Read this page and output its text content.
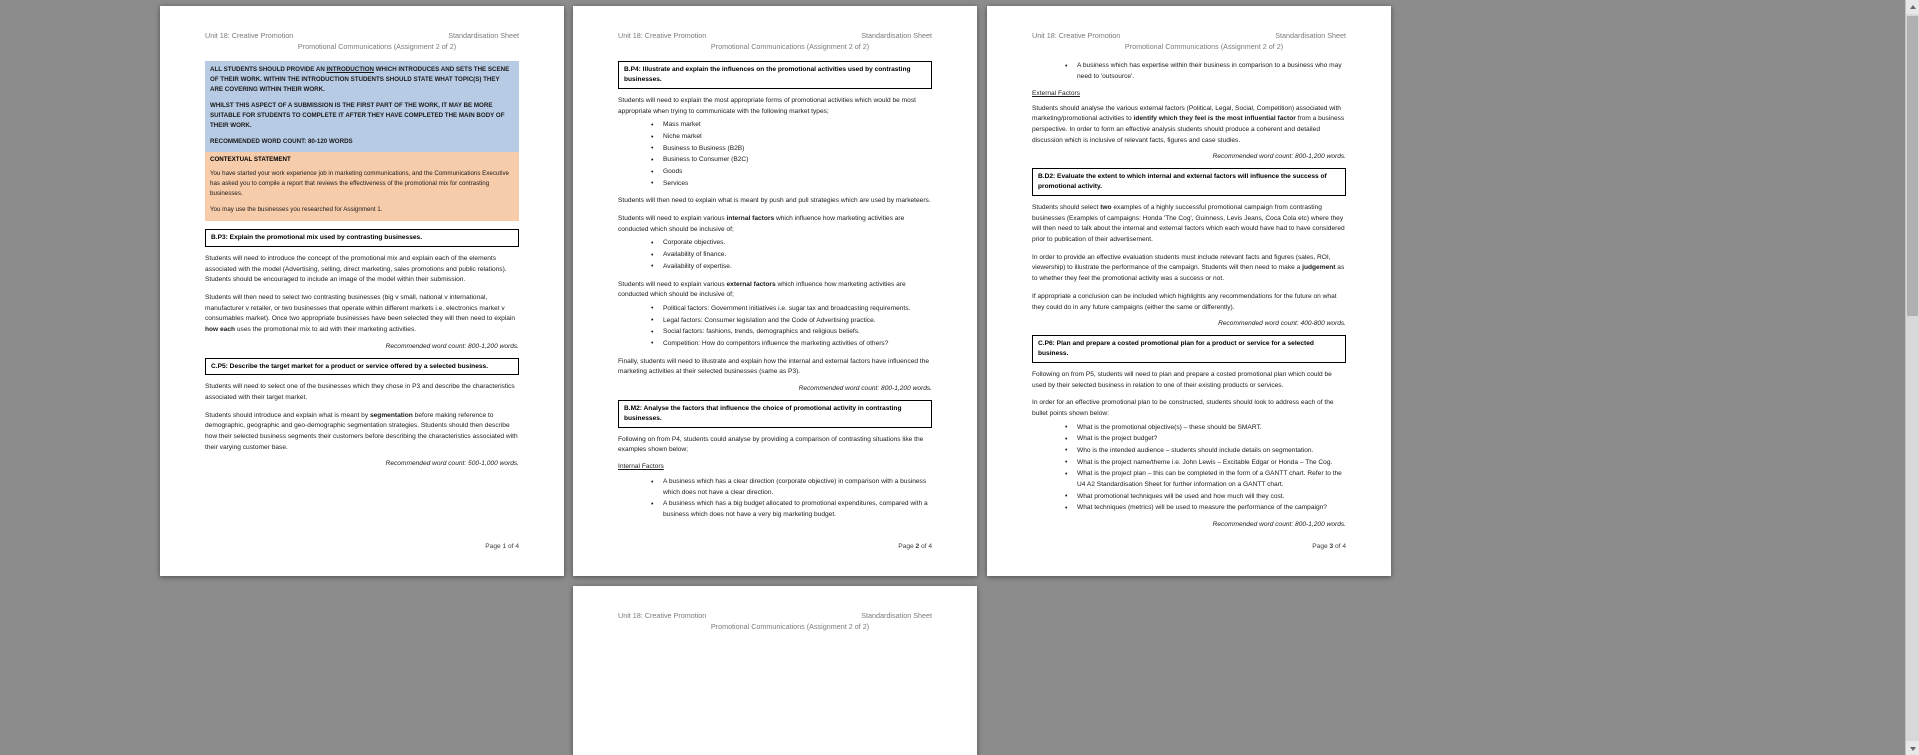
Unit 18: Creative Promotion	Standardisation Sheet
Promotional Communications (Assignment 2 of 2)

ALL STUDENTS SHOULD PROVIDE AN INTRODUCTION WHICH INTRODUCES AND SETS THE SCENE OF THEIR WORK. WITHIN THE INTRODUCTION STUDENTS SHOULD STATE WHAT TOPIC(S) THEY ARE COVERING WITHIN THEIR WORK.

WHILST THIS ASPECT OF A SUBMISSION IS THE FIRST PART OF THE WORK, IT MAY BE MORE SUITABLE FOR STUDENTS TO COMPLETE IT AFTER THEY HAVE COMPLETED THE MAIN BODY OF THEIR WORK.

RECOMMENDED WORD COUNT: 80-120 WORDS

CONTEXTUAL STATEMENT

You have started your work experience job in marketing communications, and the Communications Executive has asked you to compile a report that reviews the effectiveness of the promotional mix for contrasting businesses.

You may use the businesses you researched for Assignment 1.

B.P3: Explain the promotional mix used by contrasting businesses.

Students will need to introduce the concept of the promotional mix and explain each of the elements associated with the model (Advertising, selling, direct marketing, sales promotions and public relations). Students should be encouraged to include an image of the model within their submission.

Students will then need to select two contrasting businesses (big v small, national v international, manufacturer v retailer, or two businesses that operate within different markets i.e. electronics market v consumables market). Once two appropriate businesses have been selected they will then need to explain how each uses the promotional mix to aid with their marketing activities.

Recommended word count: 800-1,200 words.

C.P5: Describe the target market for a product or service offered by a selected business.

Students will need to select one of the businesses which they chose in P3 and describe the characteristics associated with their target market.

Students should introduce and explain what is meant by segmentation before making reference to demographic, geographic and geo-demographic segmentation strategies. Students should then describe how their selected business segments their customers before describing the characteristics associated with their varying customer base.

Recommended word count: 500-1,000 words.

Page 1 of 4
Unit 18: Creative Promotion	Standardisation Sheet
Promotional Communications (Assignment 2 of 2)
B.P4: Illustrate and explain the influences on the promotional activities used by contrasting businesses.

Students will need to explain the most appropriate forms of promotional activities which would be most appropriate when trying to communicate with the following market types;

• Mass market
• Niche market
• Business to Business (B2B)
• Business to Consumer (B2C)
• Goods
• Services

Students will then need to explain what is meant by push and pull strategies which are used by marketeers.

Students will need to explain various internal factors which influence how marketing activities are conducted which should be inclusive of;

• Corporate objectives.
• Availability of finance.
• Availability of expertise.

Students will need to explain various external factors which influence how marketing activities are conducted which should be inclusive of;

• Political factors: Government initiatives i.e. sugar tax and broadcasting requirements.
• Legal factors: Consumer legislation and the Code of Advertising practice.
• Social factors: fashions, trends, demographics and religious beliefs.
• Competition: How do competitors influence the marketing activities of others?

Finally, students will need to illustrate and explain how the internal and external factors have influenced the marketing activities at their selected businesses (same as P3).

Recommended word count: 800-1,200 words.

B.M2: Analyse the factors that influence the choice of promotional activity in contrasting businesses.

Following on from P4, students could analyse by providing a comparison of contrasting situations like the examples shown below;

Internal Factors

• A business which has a clear direction (corporate objective) in comparison with a business which does not have a clear direction.
• A business which has a big budget allocated to promotional expenditures, compared with a business which does not have a very big marketing budget.
Page 2 of 4
Unit 18: Creative Promotion	Standardisation Sheet
Promotional Communications (Assignment 2 of 2)
• A business which has expertise within their business in comparison to a business who may need to 'outsource'.

External Factors

Students should analyse the various external factors (Political, Legal, Social, Competition) associated with marketing/promotional activities to identify which they feel is the most influential factor from a business perspective. In order to form an effective analysis students should produce a coherent and detailed discussion which is inclusive of relevant facts, figures and case studies.

Recommended word count: 800-1,200 words.

B.D2: Evaluate the extent to which internal and external factors will influence the success of promotional activity.

Students should select two examples of a highly successful promotional campaign from contrasting businesses (Examples of campaigns: Honda 'The Cog', Guinness, Levis Jeans, Coca Cola etc) where they will then need to talk about the internal and external factors which each would have had to have considered prior to publication of their advertisement.

In order to provide an effective evaluation students must include relevant facts and figures (sales, ROI, viewership) to illustrate the performance of the campaign. Students will then need to make a judgement as to whether they feel the promotional activity was a success or not.

If appropriate a conclusion can be included which highlights any recommendations for the future on what they could do in any future campaigns (either the same or differently).

Recommended word count: 400-800 words.

C.P6: Plan and prepare a costed promotional plan for a product or service for a selected business.

Following on from P5, students will need to plan and prepare a costed promotional plan which could be used by their selected business in relation to one of their existing products or services.

In order for an effective promotional plan to be constructed, students should look to address each of the bullet points shown below:

• What is the promotional objective(s) – these should be SMART.
• What is the project budget?
• Who is the intended audience – students should include details on segmentation.
• What is the project name/theme i.e. John Lewis – Excitable Edgar or Honda – The Cog.
• What is the project plan – this can be completed in the form of a GANTT chart. Refer to the U4 A2 Standardisation Sheet for further information on a GANTT chart.
• What promotional techniques will be used and how much will they cost.
• What techniques (metrics) will be used to measure the performance of the campaign?

Recommended word count: 800-1,200 words.

Page 3 of 4
Unit 18: Creative Promotion	Standardisation Sheet
Promotional Communications (Assignment 2 of 2)
